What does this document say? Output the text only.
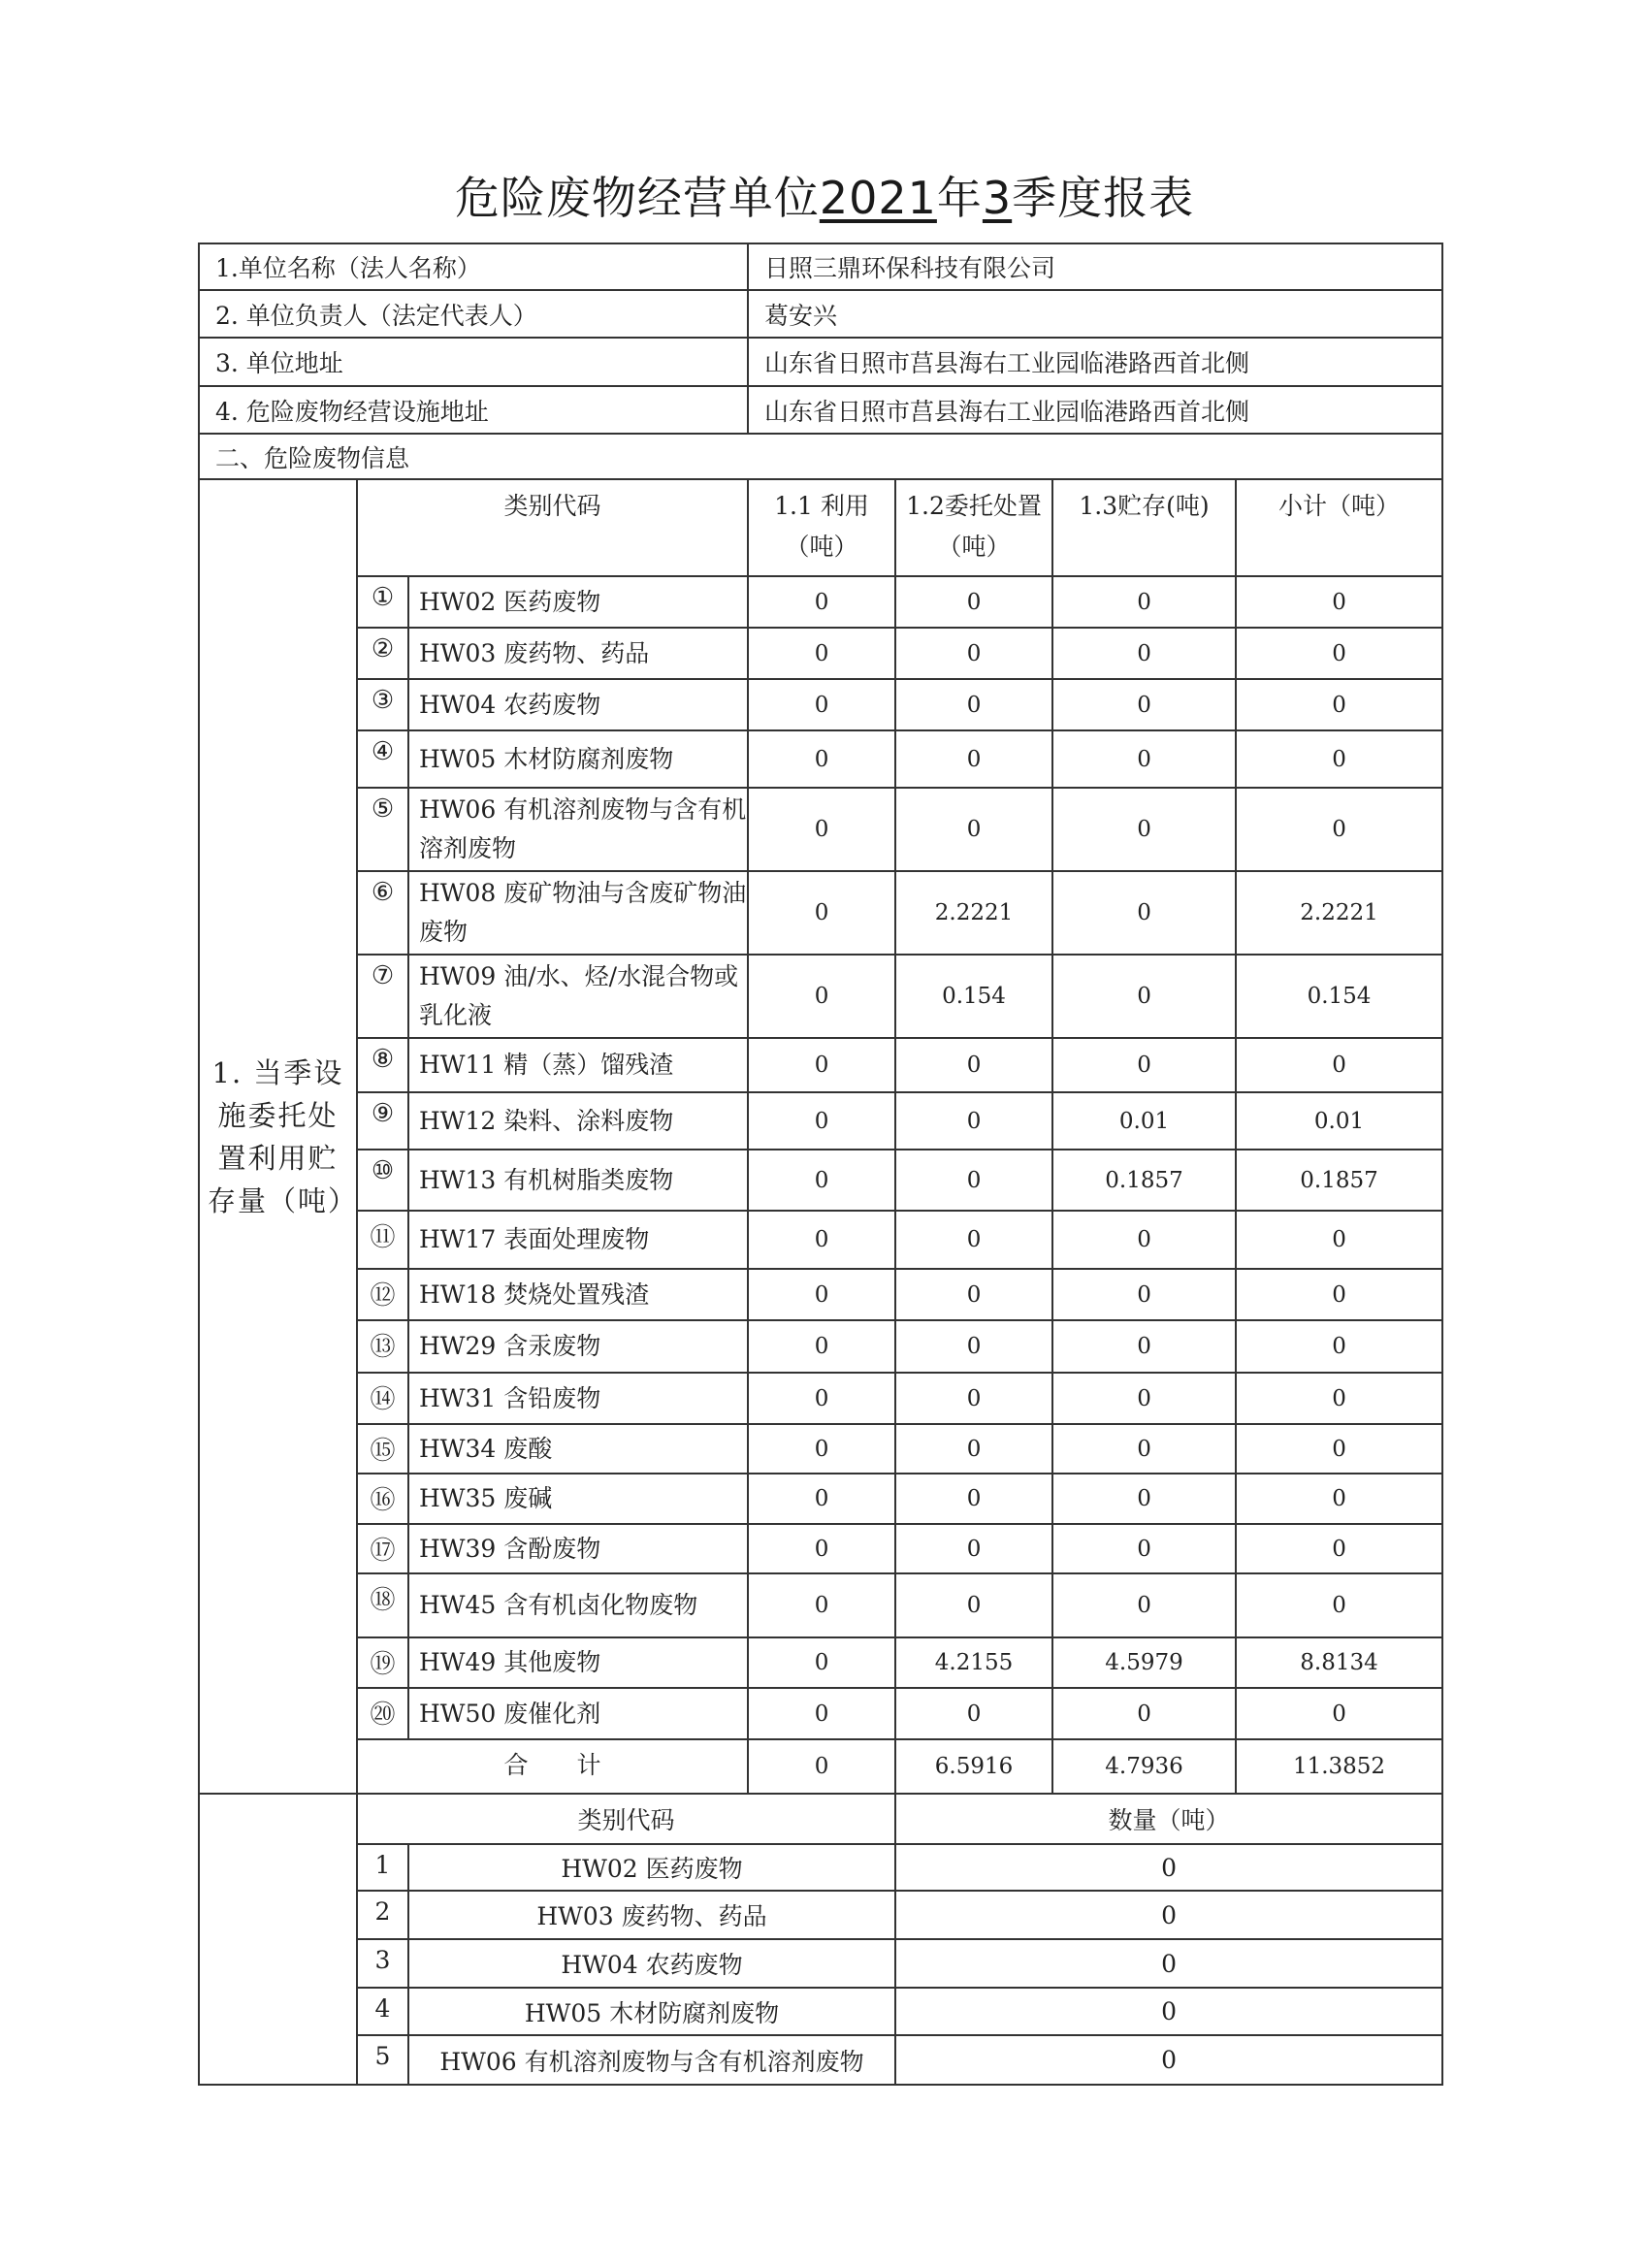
危险废物经营单位2021年3季度报表
1.单位名称（法人名称）			日照三鼎环保科技有限公司			
2. 单位负责人（法定代表人）			葛安兴			
3. 单位地址			山东省日照市莒县海右工业园临港路西首北侧			
4. 危险废物经营设施地址			山东省日照市莒县海右工业园临港路西首北侧			
二、危险废物信息						
1. 当季设施委托处置利用贮存量（吨）	类别代码		1.1 利用（吨）	1.2委托处置（吨）	1.3贮存(吨)	小计（吨）
	①	HW02 医药废物	0	0	0	0
	②	HW03 废药物、药品	0	0	0	0
	③	HW04 农药废物	0	0	0	0
	④	HW05 木材防腐剂废物	0	0	0	0
	⑤	HW06 有机溶剂废物与含有机溶剂废物	0	0	0	0
	⑥	HW08 废矿物油与含废矿物油废物	0	2.2221	0	2.2221
	⑦	HW09 油/水、烃/水混合物或乳化液	0	0.154	0	0.154
	⑧	HW11 精（蒸）馏残渣	0	0	0	0
	⑨	HW12 染料、涂料废物	0	0	0.01	0.01
	⑩	HW13 有机树脂类废物	0	0	0.1857	0.1857
	⑪	HW17 表面处理废物	0	0	0	0
	⑫	HW18 焚烧处置残渣	0	0	0	0
	⑬	HW29 含汞废物	0	0	0	0
	⑭	HW31 含铅废物	0	0	0	0
	⑮	HW34 废酸	0	0	0	0
	⑯	HW35 废碱	0	0	0	0
	⑰	HW39 含酚废物	0	0	0	0
	⑱	HW45 含有机卤化物废物	0	0	0	0
	⑲	HW49 其他废物	0	4.2155	4.5979	8.8134
	⑳	HW50 废催化剂	0	0	0	0
	合　　计		0	6.5916	4.7936	11.3852
	类别代码			数量（吨）		
	1	HW02 医药废物		0		
	2	HW03 废药物、药品		0		
	3	HW04 农药废物		0		
	4	HW05 木材防腐剂废物		0		
	5	HW06 有机溶剂废物与含有机溶剂废物		0		
